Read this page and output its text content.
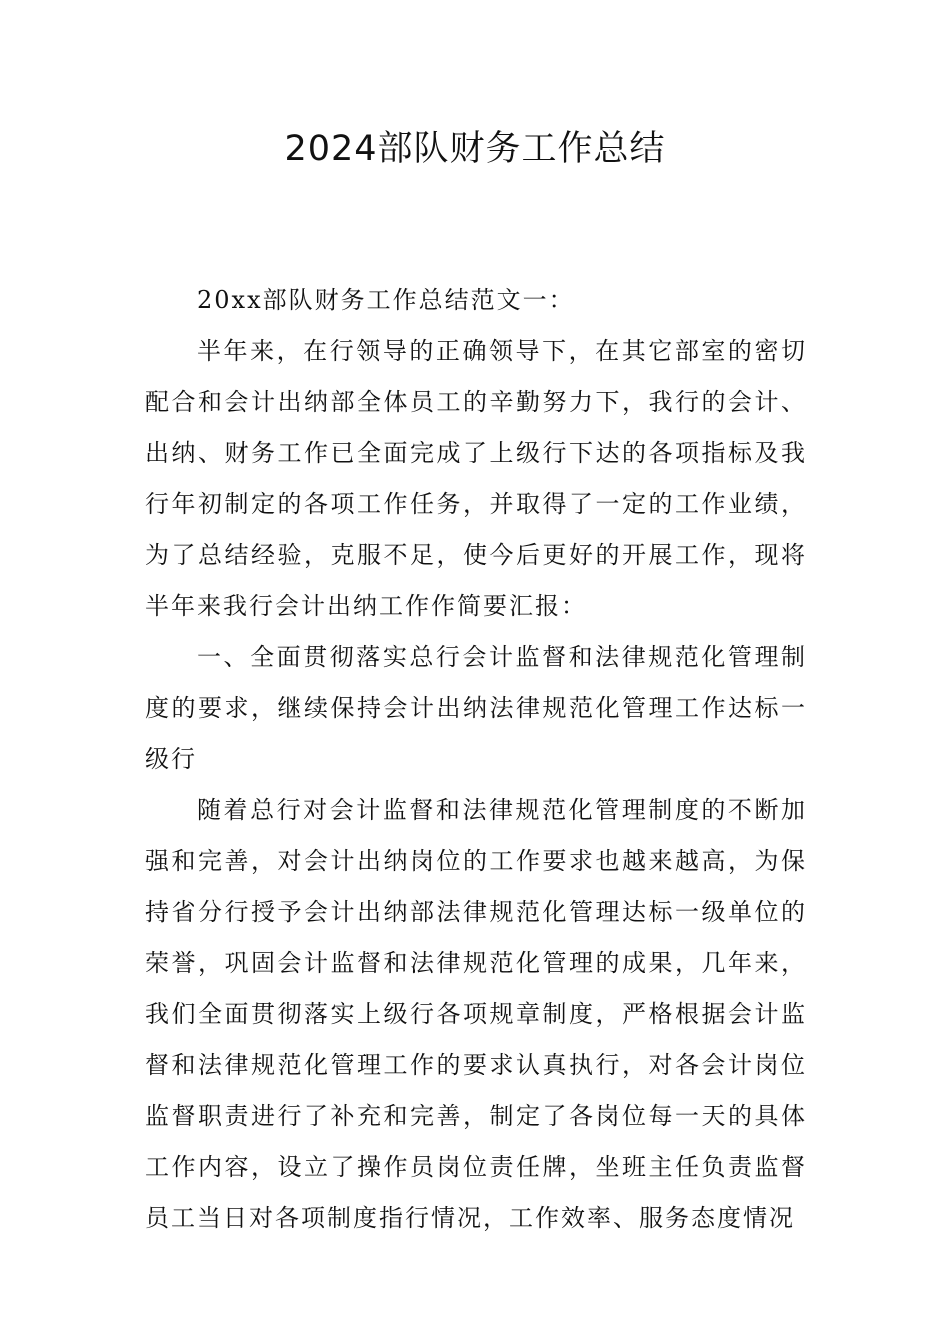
2024部队财务工作总结

20xx部队财务工作总结范文一：

半年来，在行领导的正确领导下，在其它部室的密切配合和会计出纳部全体员工的辛勤努力下，我行的会计、出纳、财务工作已全面完成了上级行下达的各项指标及我行年初制定的各项工作任务，并取得了一定的工作业绩，为了总结经验，克服不足，使今后更好的开展工作，现将半年来我行会计出纳工作作简要汇报：

一、全面贯彻落实总行会计监督和法律规范化管理制度的要求，继续保持会计出纳法律规范化管理工作达标一级行

随着总行对会计监督和法律规范化管理制度的不断加强和完善，对会计出纳岗位的工作要求也越来越高，为保持省分行授予会计出纳部法律规范化管理达标一级单位的荣誉，巩固会计监督和法律规范化管理的成果，几年来，我们全面贯彻落实上级行各项规章制度，严格根据会计监督和法律规范化管理工作的要求认真执行，对各会计岗位监督职责进行了补充和完善，制定了各岗位每一天的具体工作内容，设立了操作员岗位责任牌，坐班主任负责监督员工当日对各项制度指行情况，工作效率、服务态度情况
